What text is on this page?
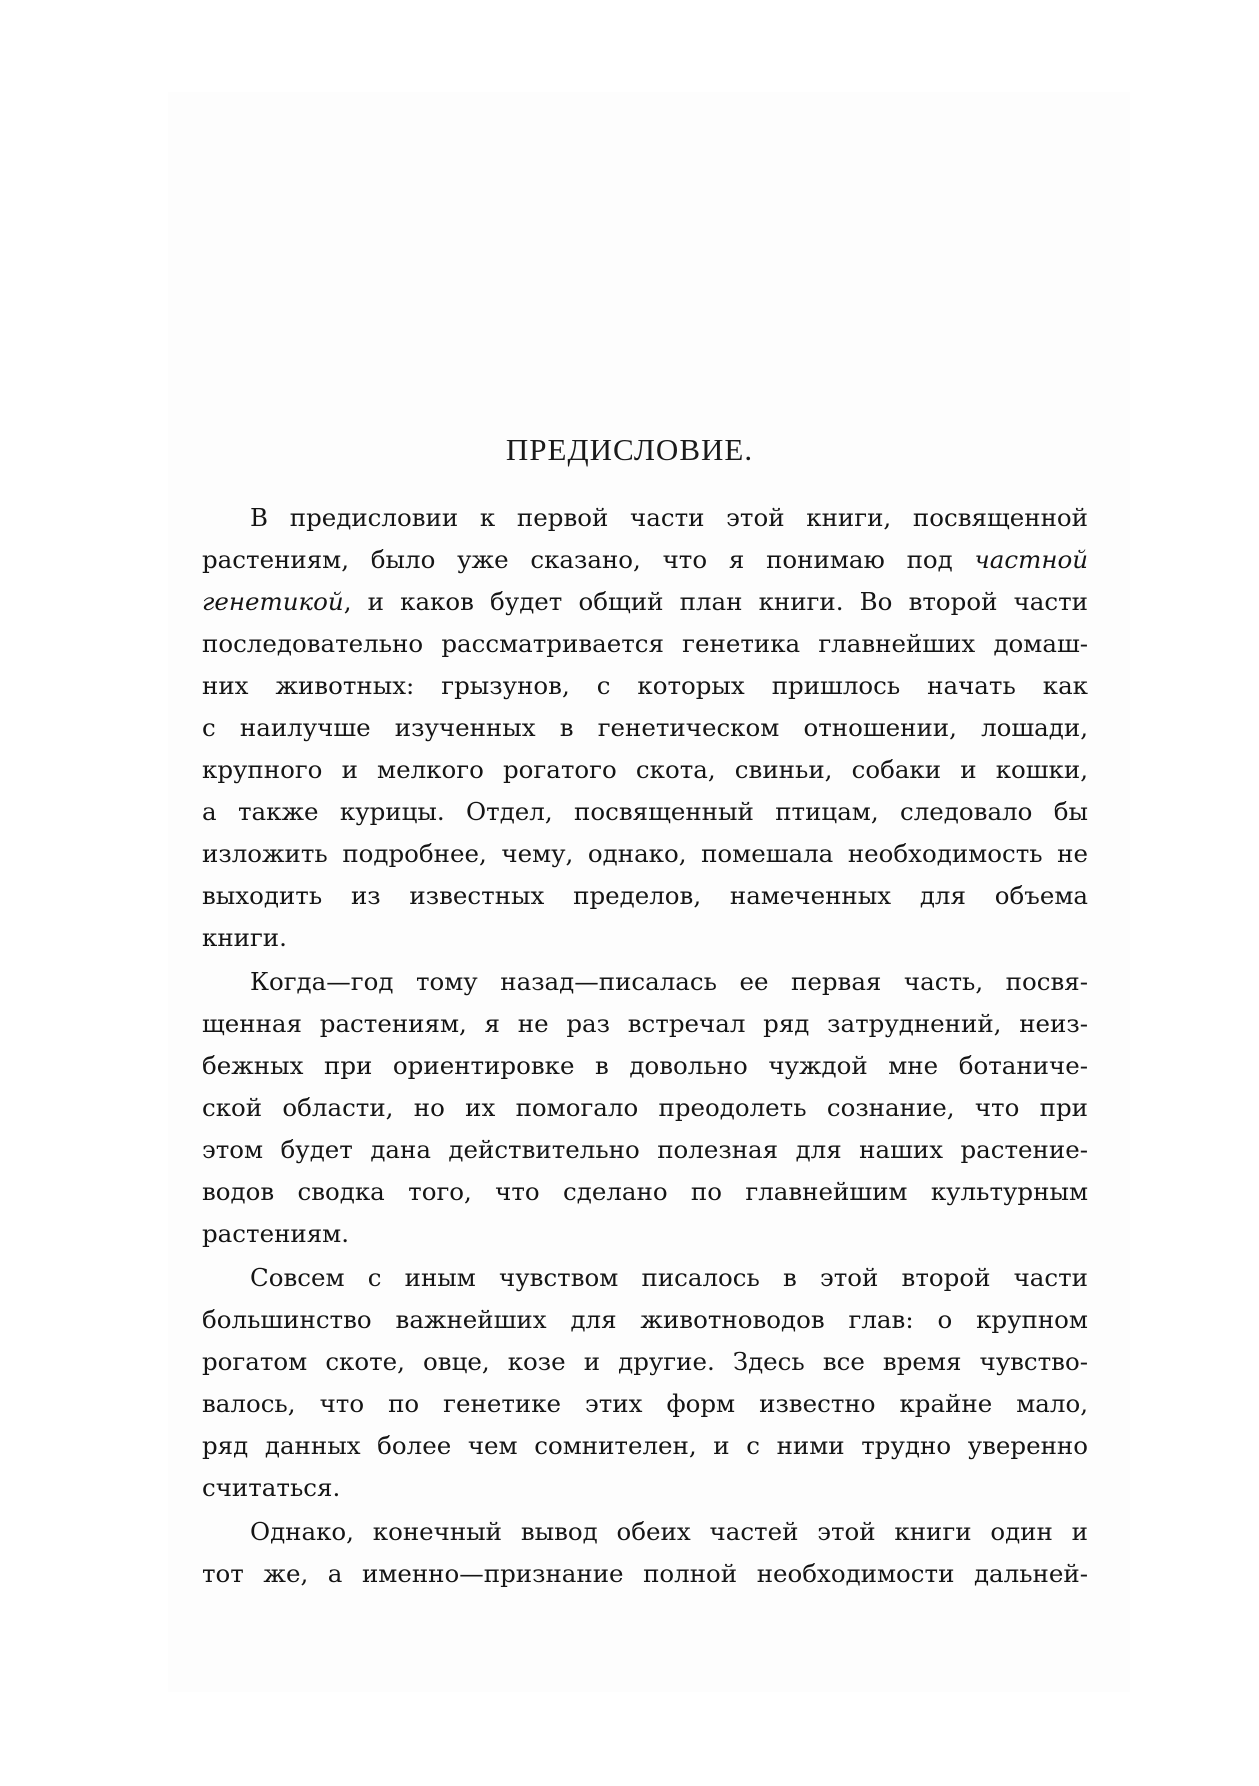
ПРЕДИСЛОВИЕ.
В предисловии к первой части этой книги, посвященной
растениям, было уже сказано, что я понимаю под частной
генетикой, и каков будет общий план книги. Во второй части
последовательно рассматривается генетика главнейших домаш-
них животных: грызунов, с которых пришлось начать как
с наилучше изученных в генетическом отношении, лошади,
крупного и мелкого рогатого скота, свиньи, собаки и кошки,
а также курицы. Отдел, посвященный птицам, следовало бы
изложить подробнее, чему, однако, помешала необходимость не
выходить из известных пределов, намеченных для объема
книги.
Когда—год тому назад—писалась ее первая часть, посвя-
щенная растениям, я не раз встречал ряд затруднений, неиз-
бежных при ориентировке в довольно чуждой мне ботаниче-
ской области, но их помогало преодолеть сознание, что при
этом будет дана действительно полезная для наших растение-
водов сводка того, что сделано по главнейшим культурным
растениям.
Совсем с иным чувством писалось в этой второй части
большинство важнейших для животноводов глав: о крупном
рогатом скоте, овце, козе и другие. Здесь все время чувство-
валось, что по генетике этих форм известно крайне мало,
ряд данных более чем сомнителен, и с ними трудно уверенно
считаться.
Однако, конечный вывод обеих частей этой книги один и
тот же, а именно—признание полной необходимости дальней-
